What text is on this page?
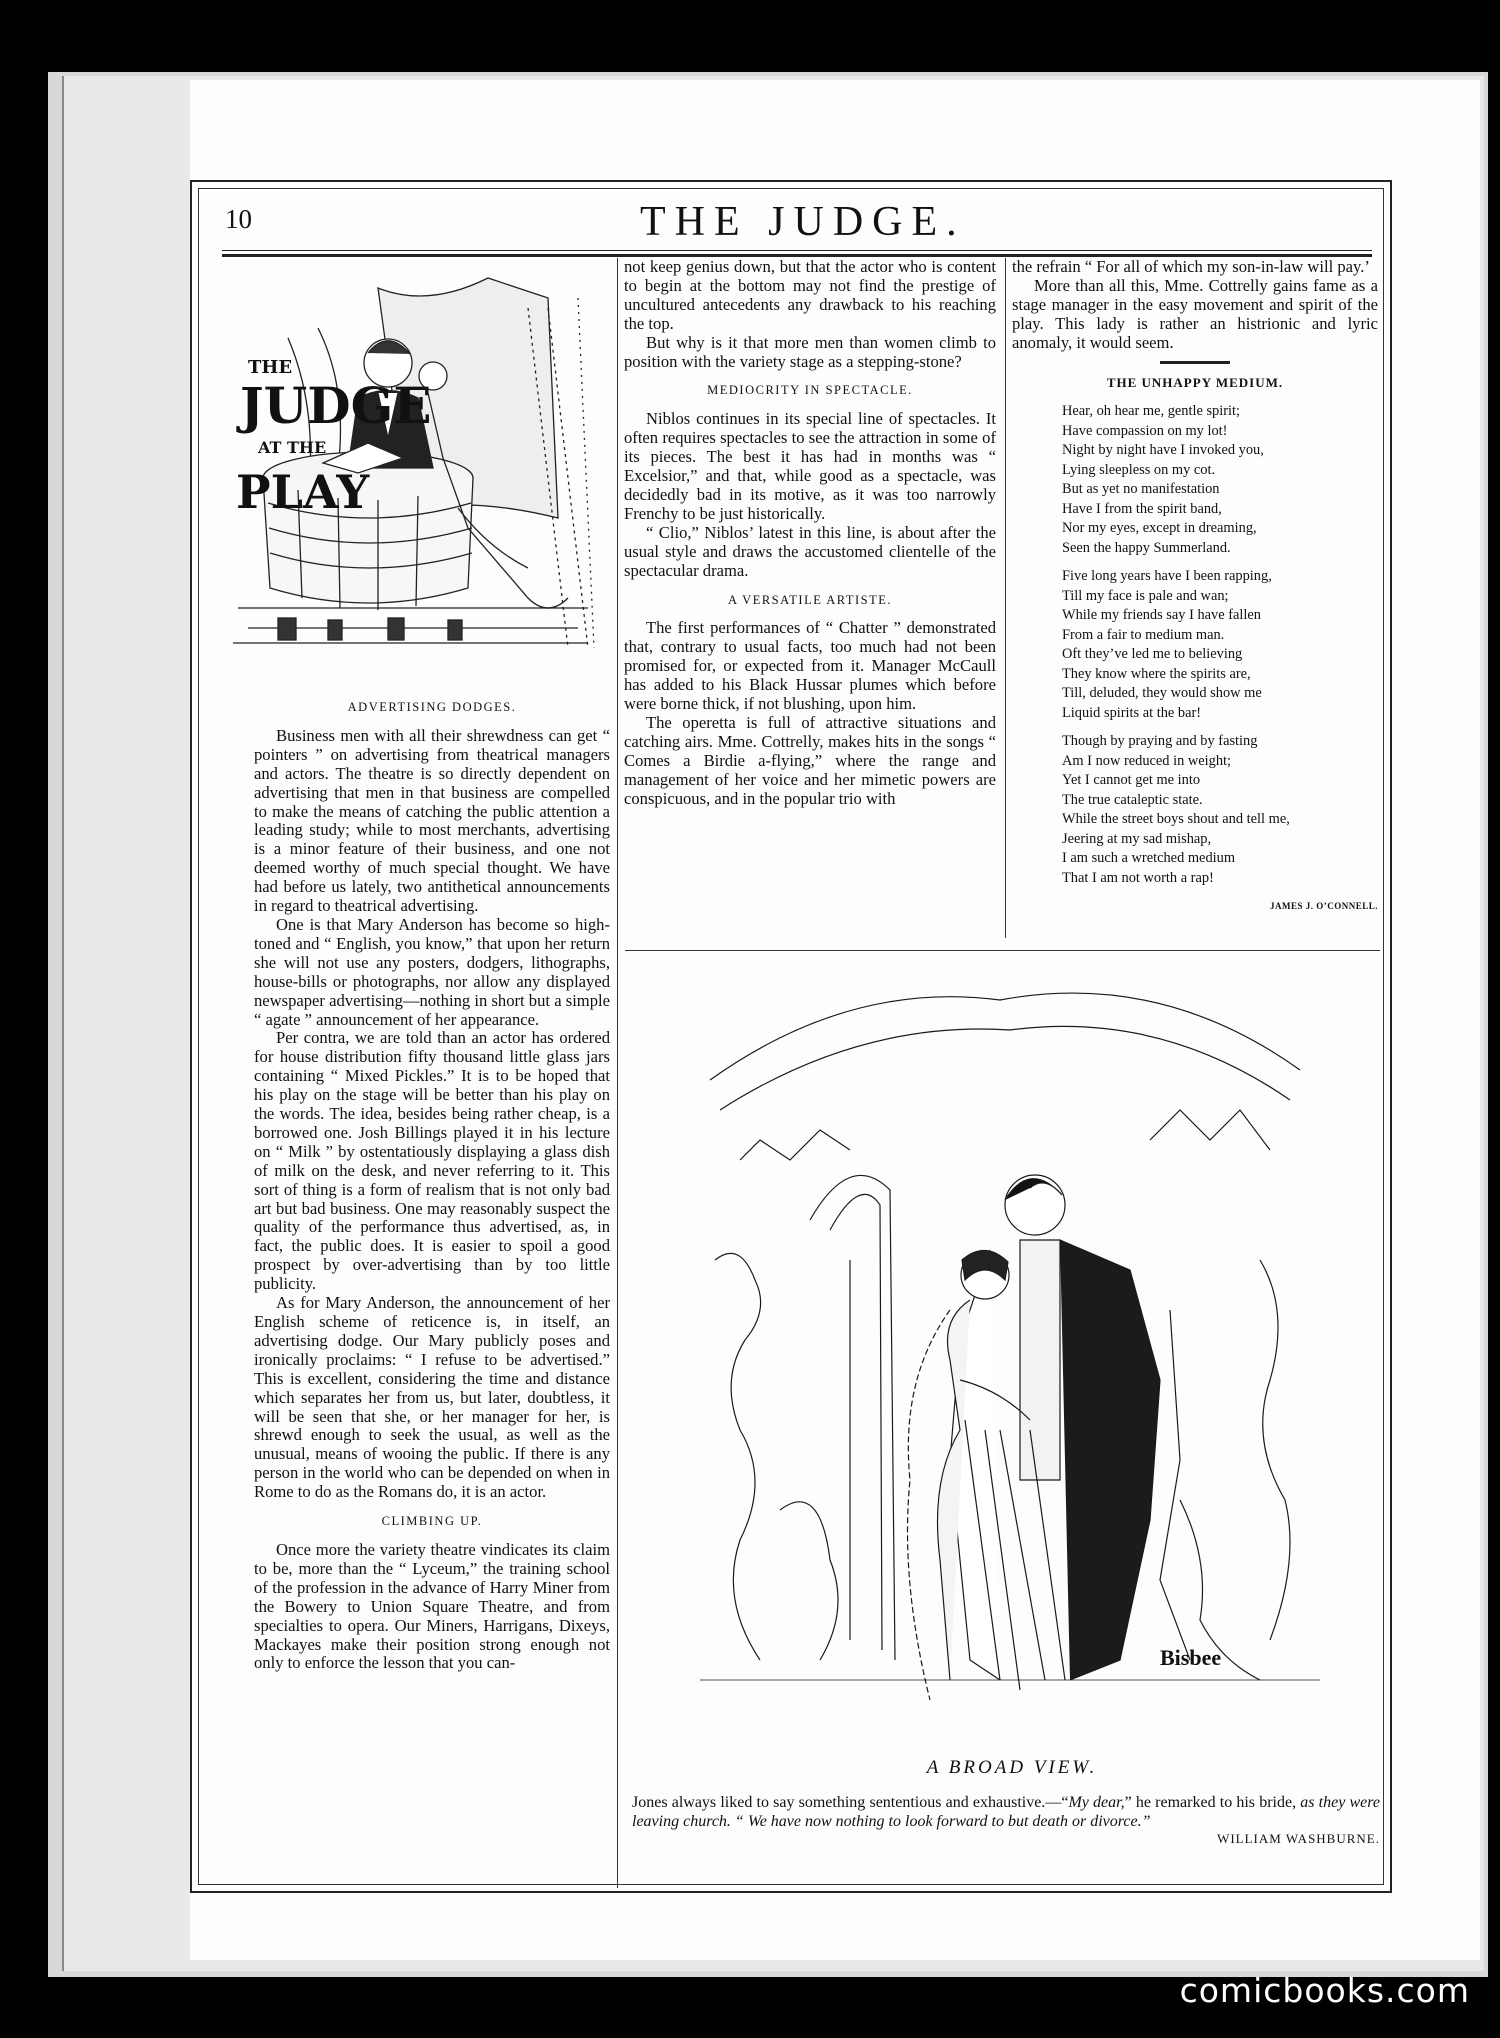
10	THE JUDGE.
THE
JUDGE
AT THE
PLAY
ADVERTISING DODGES.

Business men with all their shrewdness can get “ pointers ” on advertising from theatrical managers and actors. The theatre is so directly dependent on advertising that men in that business are compelled to make the means of catching the public attention a leading study; while to most merchants, advertising is a minor feature of their business, and one not deemed worthy of much special thought. We have had before us lately, two antithetical announcements in regard to theatrical advertising.

One is that Mary Anderson has become so high-toned and “ English, you know,” that upon her return she will not use any posters, dodgers, lithographs, house-bills or photographs, nor allow any displayed newspaper advertising—nothing in short but a simple “ agate ” announcement of her appearance.

Per contra, we are told than an actor has ordered for house distribution fifty thousand little glass jars containing “ Mixed Pickles.” It is to be hoped that his play on the stage will be better than his play on the words. The idea, besides being rather cheap, is a borrowed one. Josh Billings played it in his lecture on “ Milk ” by ostentatiously displaying a glass dish of milk on the desk, and never referring to it. This sort of thing is a form of realism that is not only bad art but bad business. One may reasonably suspect the quality of the performance thus advertised, as, in fact, the public does. It is easier to spoil a good prospect by over-advertising than by too little publicity.

As for Mary Anderson, the announcement of her English scheme of reticence is, in itself, an advertising dodge. Our Mary publicly poses and ironically proclaims: “ I refuse to be advertised.” This is excellent, considering the time and distance which separates her from us, but later, doubtless, it will be seen that she, or her manager for her, is shrewd enough to seek the usual, as well as the unusual, means of wooing the public. If there is any person in the world who can be depended on when in Rome to do as the Romans do, it is an actor.

CLIMBING UP.

Once more the variety theatre vindicates its claim to be, more than the “ Lyceum,” the training school of the profession in the advance of Harry Miner from the Bowery to Union Square Theatre, and from specialties to opera. Our Miners, Harrigans, Dixeys, Mackayes make their position strong enough not only to enforce the lesson that you can-

not keep genius down, but that the actor who is content to begin at the bottom may not find the prestige of uncultured antecedents any drawback to his reaching the top.

But why is it that more men than women climb to position with the variety stage as a stepping-stone?

MEDIOCRITY IN SPECTACLE.

Niblos continues in its special line of spectacles. It often requires spectacles to see the attraction in some of its pieces. The best it has had in months was “ Excelsior,” and that, while good as a spectacle, was decidedly bad in its motive, as it was too narrowly Frenchy to be just historically.

“ Clio,” Niblos’ latest in this line, is about after the usual style and draws the accustomed clientelle of the spectacular drama.

A VERSATILE ARTISTE.

The first performances of “ Chatter ” demonstrated that, contrary to usual facts, too much had not been promised for, or expected from it. Manager McCaull has added to his Black Hussar plumes which before were borne thick, if not blushing, upon him.

The operetta is full of attractive situations and catching airs. Mme. Cottrelly, makes hits in the songs “ Comes a Birdie a-flying,” where the range and management of her voice and her mimetic powers are conspicuous, and in the popular trio with

the refrain “ For all of which my son-in-law will pay.’

More than all this, Mme. Cottrelly gains fame as a stage manager in the easy movement and spirit of the play. This lady is rather an histrionic and lyric anomaly, it would seem.

THE UNHAPPY MEDIUM.
Hear, oh hear me, gentle spirit;
Have compassion on my lot!
Night by night have I invoked you,
Lying sleepless on my cot.
But as yet no manifestation
Have I from the spirit band,
Nor my eyes, except in dreaming,
Seen the happy Summerland.
Five long years have I been rapping,
Till my face is pale and wan;
While my friends say I have fallen
From a fair to medium man.
Oft they’ve led me to believing
They know where the spirits are,
Till, deluded, they would show me
Liquid spirits at the bar!
Though by praying and by fasting
Am I now reduced in weight;
Yet I cannot get me into
The true cataleptic state.
While the street boys shout and tell me,
Jeering at my sad mishap,
I am such a wretched medium
That I am not worth a rap!
JAMES J. O’CONNELL.
Bisbee
A BROAD VIEW.
Jones always liked to say something sententious and exhaustive.—“My dear,” he remarked to his bride, as they were leaving church. “ We have now nothing to look forward to but death or divorce.”
WILLIAM WASHBURNE.
comicbooks.com
